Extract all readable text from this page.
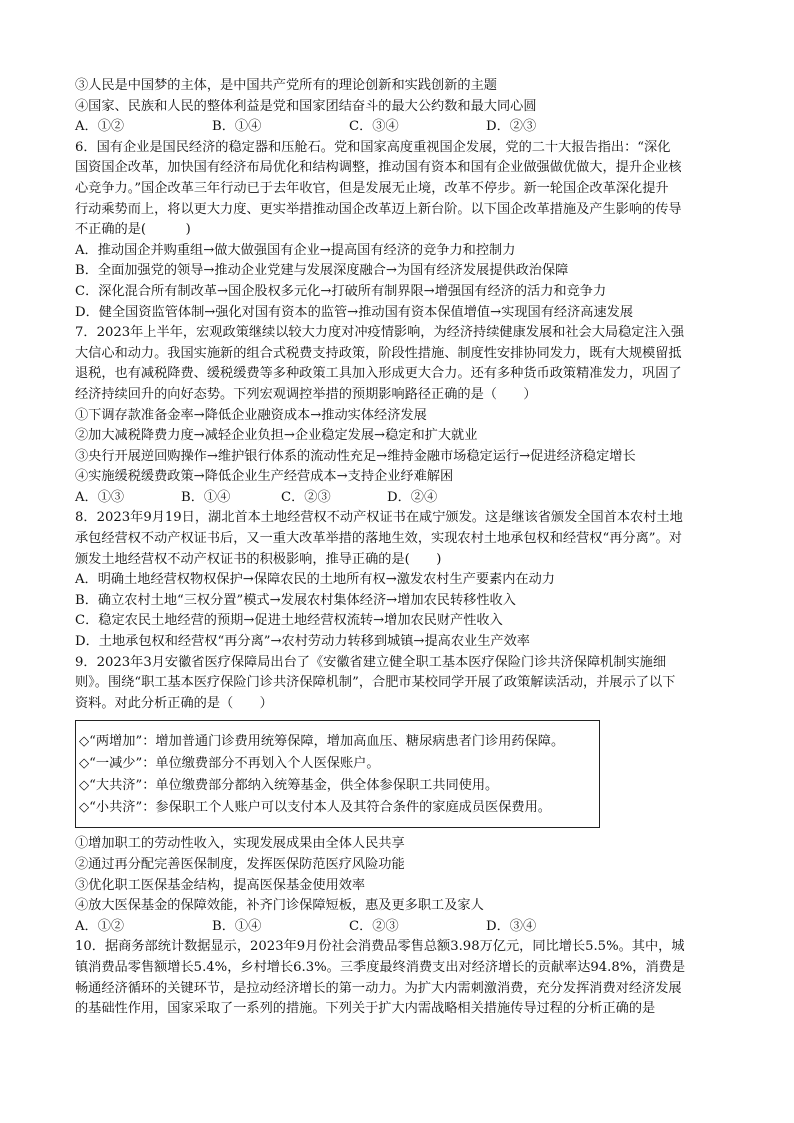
③人民是中国梦的主体，是中国共产党所有的理论创新和实践创新的主题
④国家、民族和人民的整体利益是党和国家团结奋斗的最大公约数和最大同心圆
A．①②	B．①④	C．③④	D．②③
6．国有企业是国民经济的稳定器和压舱石。党和国家高度重视国企发展，党的二十大报告指出：“深化
国资国企改革，加快国有经济布局优化和结构调整，推动国有资本和国有企业做强做优做大，提升企业核
心竞争力。”国企改革三年行动已于去年收官，但是发展无止境，改革不停步。新一轮国企改革深化提升
行动乘势而上，将以更大力度、更实举措推动国企改革迈上新台阶。以下国企改革措施及产生影响的传导
不正确的是(　　　)
A．推动国企并购重组→做大做强国有企业→提高国有经济的竞争力和控制力
B．全面加强党的领导→推动企业党建与发展深度融合→为国有经济发展提供政治保障
C．深化混合所有制改革→国企股权多元化→打破所有制界限→增强国有经济的活力和竞争力
D．健全国资监管体制→强化对国有资本的监管→推动国有资本保值增值→实现国有经济高速发展
7．2023年上半年，宏观政策继续以较大力度对冲疫情影响，为经济持续健康发展和社会大局稳定注入强
大信心和动力。我国实施新的组合式税费支持政策，阶段性措施、制度性安排协同发力，既有大规模留抵
退税，也有减税降费、缓税缓费等多种政策工具加入形成更大合力。还有多种货币政策精准发力，巩固了
经济持续回升的向好态势。下列宏观调控举措的预期影响路径正确的是（　　）
①下调存款准备金率→降低企业融资成本→推动实体经济发展
②加大减税降费力度→减轻企业负担→企业稳定发展→稳定和扩大就业
③央行开展逆回购操作→维护银行体系的流动性充足→维持金融市场稳定运行→促进经济稳定增长
④实施缓税缓费政策→降低企业生产经营成本→支持企业纾难解困
A．①③	B．①④	C．②③	D．②④
8．2023年9月19日，湖北首本土地经营权不动产权证书在咸宁颁发。这是继该省颁发全国首本农村土地
承包经营权不动产权证书后，又一重大改革举措的落地生效，实现农村土地承包权和经营权“再分离”。对
颁发土地经营权不动产权证书的积极影响，推导正确的是(　　)
A．明确土地经营权物权保护→保障农民的土地所有权→激发农村生产要素内在动力
B．确立农村土地“三权分置”模式→发展农村集体经济→增加农民转移性收入
C．稳定农民土地经营的预期→促进土地经营权流转→增加农民财产性收入
D．土地承包权和经营权“再分离”→农村劳动力转移到城镇→提高农业生产效率
9．2023年3月安徽省医疗保障局出台了《安徽省建立健全职工基本医疗保险门诊共济保障机制实施细
则》。围绕“职工基本医疗保险门诊共济保障机制”，合肥市某校同学开展了政策解读活动，并展示了以下
资料。对此分析正确的是（　　）
◇“两增加”：增加普通门诊费用统筹保障，增加高血压、糖尿病患者门诊用药保障。
◇“一减少”：单位缴费部分不再划入个人医保账户。
◇“大共济”：单位缴费部分都纳入统筹基金，供全体参保职工共同使用。
◇“小共济”：参保职工个人账户可以支付本人及其符合条件的家庭成员医保费用。
①增加职工的劳动性收入，实现发展成果由全体人民共享
②通过再分配完善医保制度，发挥医保防范医疗风险功能
③优化职工医保基金结构，提高医保基金使用效率
④放大医保基金的保障效能，补齐门诊保障短板，惠及更多职工及家人
A．①②	B．①④	C．②③	D．③④
10．据商务部统计数据显示，2023年9月份社会消费品零售总额3.98万亿元，同比增长5.5%。其中，城
镇消费品零售额增长5.4%，乡村增长6.3%。三季度最终消费支出对经济增长的贡献率达94.8%，消费是
畅通经济循环的关键环节，是拉动经济增长的第一动力。为扩大内需刺激消费，充分发挥消费对经济发展
的基础性作用，国家采取了一系列的措施。下列关于扩大内需战略相关措施传导过程的分析正确的是
